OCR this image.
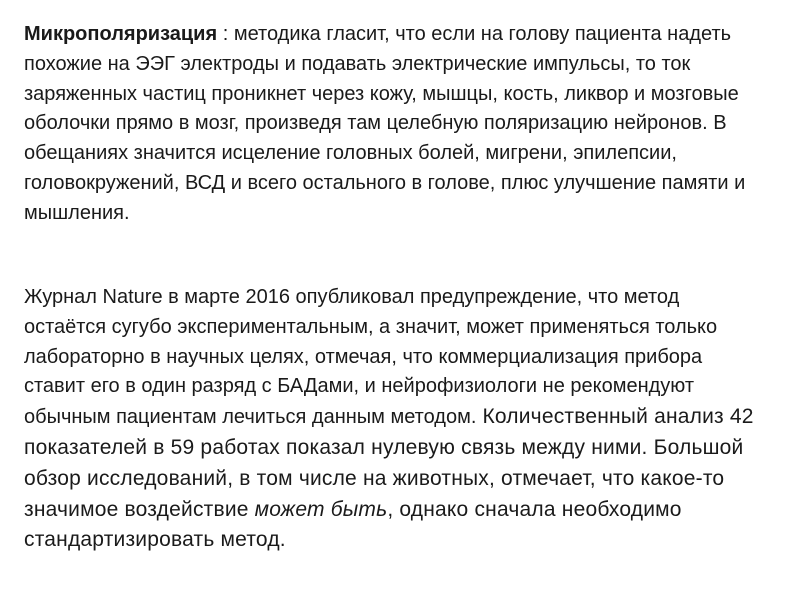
Микрополяризация : методика гласит, что если на голову пациента надеть похожие на ЭЭГ электроды и подавать электрические импульсы, то ток заряженных частиц проникнет через кожу, мышцы, кость, ликвор и мозговые оболочки прямо в мозг, произведя там целебную поляризацию нейронов. В обещаниях значится исцеление головных болей, мигрени, эпилепсии, головокружений, ВСД и всего остального в голове, плюс улучшение памяти и мышления.

Журнал Nature в марте 2016 опубликовал предупреждение, что метод остаётся сугубо экспериментальным, а значит, может применяться только лабораторно в научных целях, отмечая, что коммерциализация прибора ставит его в один разряд с БАДами, и нейрофизиологи не рекомендуют обычным пациентам лечиться данным методом. Количественный анализ 42 показателей в 59 работах показал нулевую связь между ними. Большой обзор исследований, в том числе на животных, отмечает, что какое-то значимое воздействие может быть, однако сначала необходимо стандартизировать метод.
